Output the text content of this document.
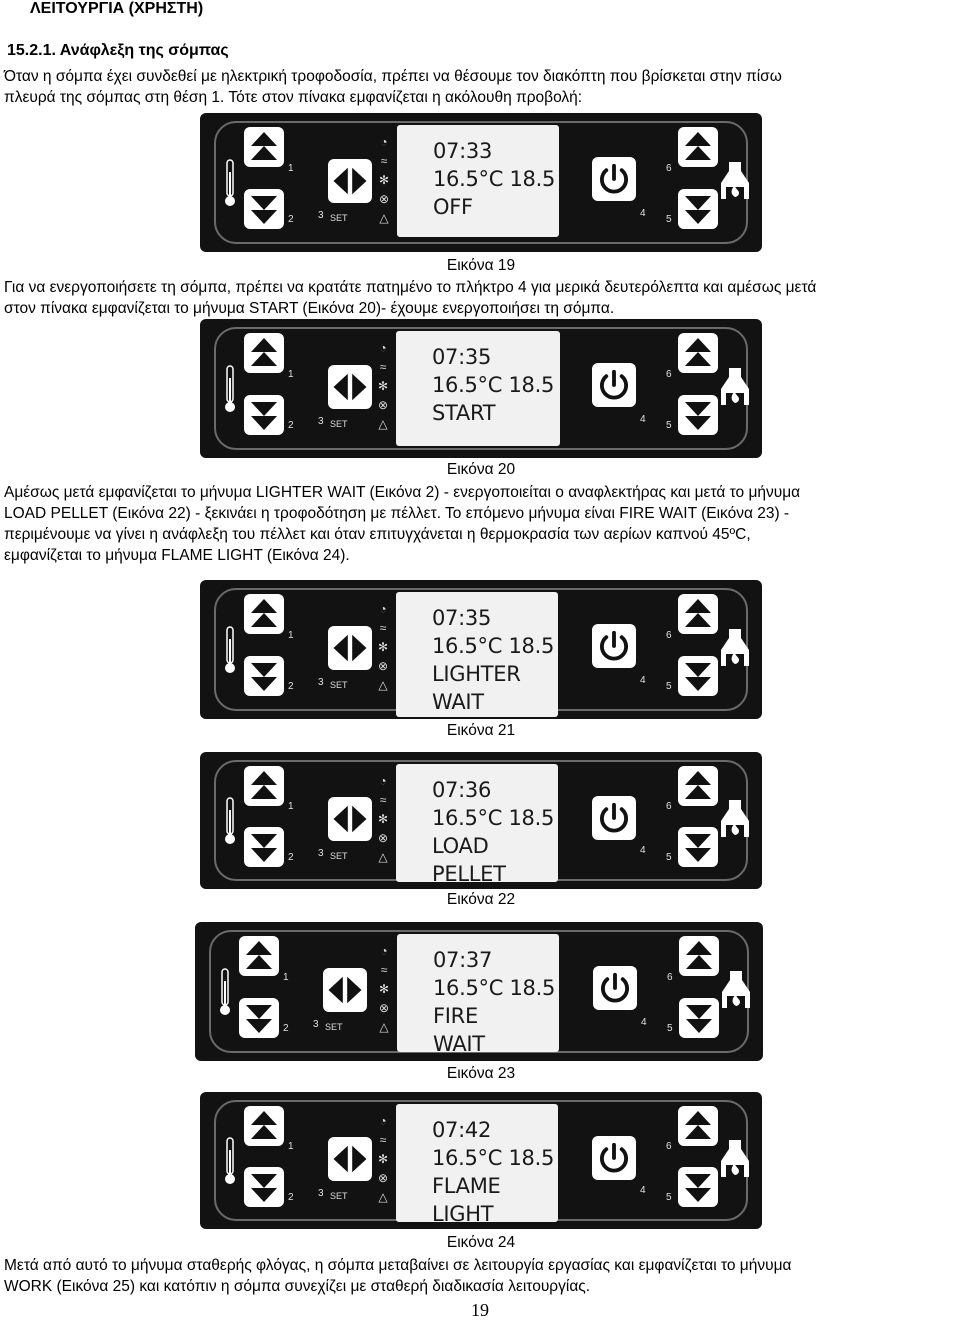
ΛΕΙΤΟΥΡΓΙΑ (ΧΡΗΣΤΗ)
15.2.1. Ανάφλεξη της σόμπας
Όταν η σόμπα έχει συνδεθεί με ηλεκτρική τροφοδοσία, πρέπει να θέσουμε τον διακόπτη που βρίσκεται στην πίσω
πλευρά της σόμπας στη θέση 1. Τότε στον πίνακα εμφανίζεται η ακόλουθη προβολή:
1
2 3 SET
◔
≈
✻
⊗
△
07:33
16.5°C 18.5
OFF	4
6
5
Εικόνα 19
Για να ενεργοποιήσετε τη σόμπα, πρέπει να κρατάτε πατημένο το πλήκτρο 4 για μερικά δευτερόλεπτα και αμέσως μετά
στον πίνακα εμφανίζεται το μήνυμα START (Εικόνα 20)- έχουμε ενεργοποιήσει τη σόμπα.
1
2 3 SET
◔
≈
✻
⊗
△
07:35
16.5°C 18.5
START	4
6
5
Εικόνα 20
Αμέσως μετά εμφανίζεται το μήνυμα LIGHTER WAIT (Εικόνα 2) - ενεργοποιείται ο αναφλεκτήρας και μετά το μήνυμα
LOAD PELLET (Εικόνα 22) - ξεκινάει η τροφοδότηση με πέλλετ. Το επόμενο μήνυμα είναι FIRE WAIT (Εικόνα 23) -
περιμένουμε να γίνει η ανάφλεξη του πέλλετ και όταν επιτυγχάνεται η θερμοκρασία των αερίων καπνού 45ºC,
εμφανίζεται το μήνυμα FLAME LIGHT (Εικόνα 24).
1
2 3 SET
◔
≈
✻
⊗
△
07:35
16.5°C 18.5
LIGHTER
WAIT
4
6
5
Εικόνα 21
1
2 3 SET
◔
≈
✻
⊗
△
07:36
16.5°C 18.5
LOAD
PELLET
4
6
5
Εικόνα 22
1
2 3 SET
◔
≈
✻
⊗
△
07:37
16.5°C 18.5
FIRE
WAIT
4
6
5
Εικόνα 23
1
2 3 SET
◔
≈
✻
⊗
△
07:42
16.5°C 18.5
FLAME
LIGHT
4
6
5
Εικόνα 24
Μετά από αυτό το μήνυμα σταθερής φλόγας, η σόμπα μεταβαίνει σε λειτουργία εργασίας και εμφανίζεται το μήνυμα
WORK (Εικόνα 25) και κατόπιν η σόμπα συνεχίζει με σταθερή διαδικασία λειτουργίας.
19
